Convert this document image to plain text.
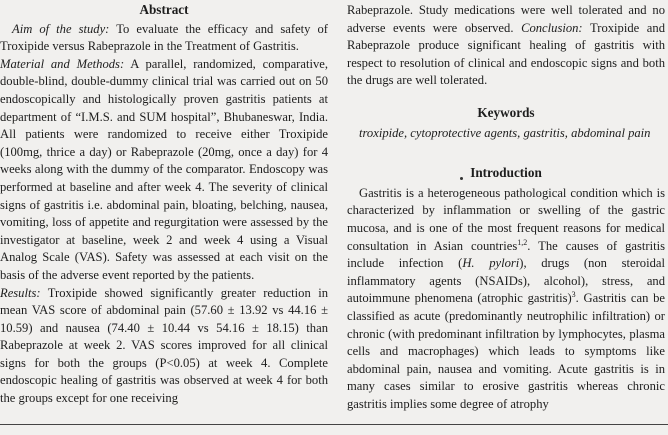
Abstract

Aim of the study: To evaluate the efficacy and safety of Troxipide versus Rabeprazole in the Treatment of Gastritis.
Material and Methods: A parallel, randomized, comparative, double-blind, double-dummy clinical trial was carried out on 50 endoscopically and histologically proven gastritis patients at department of “I.M.S. and SUM hospital”, Bhubaneswar, India. All patients were randomized to receive either Troxipide (100mg, thrice a day) or Rabeprazole (20mg, once a day) for 4 weeks along with the dummy of the comparator. Endoscopy was performed at baseline and after week 4. The severity of clinical signs of gastritis i.e. abdominal pain, bloating, belching, nausea, vomiting, loss of appetite and regurgitation were assessed by the investigator at baseline, week 2 and week 4 using a Visual Analog Scale (VAS). Safety was assessed at each visit on the basis of the adverse event reported by the patients.
Results: Troxipide showed significantly greater reduction in mean VAS score of abdominal pain (57.60 ± 13.92 vs 44.16 ± 10.59) and nausea (74.40 ± 10.44 vs 54.16 ± 18.15) than Rabeprazole at week 2. VAS scores improved for all clinical signs for both the groups (P<0.05) at week 4. Complete endoscopic healing of gastritis was observed at week 4 for both the groups except for one receiving

Rabeprazole. Study medications were well tolerated and no adverse events were observed. Conclusion: Troxipide and Rabeprazole produce significant healing of gastritis with respect to resolution of clinical and endoscopic signs and both the drugs are well tolerated.

Keywords

troxipide, cytoprotective agents, gastritis, abdominal pain

Introduction

Gastritis is a heterogeneous pathological condition which is characterized by inflammation or swelling of the gastric mucosa, and is one of the most frequent reasons for medical consultation in Asian countries$^{1,2}$. The causes of gastritis include infection (H. pylori), drugs (non steroidal inflammatory agents (NSAIDs), alcohol), stress, and autoimmune phenomena (atrophic gastritis)$^3$. Gastritis can be classified as acute (predominantly neutrophilic infiltration) or chronic (with predominant infiltration by lymphocytes, plasma cells and macrophages) which leads to symptoms like abdominal pain, nausea and vomiting. Acute gastritis is in many cases similar to erosive gastritis whereas chronic gastritis implies some degree of atrophy
